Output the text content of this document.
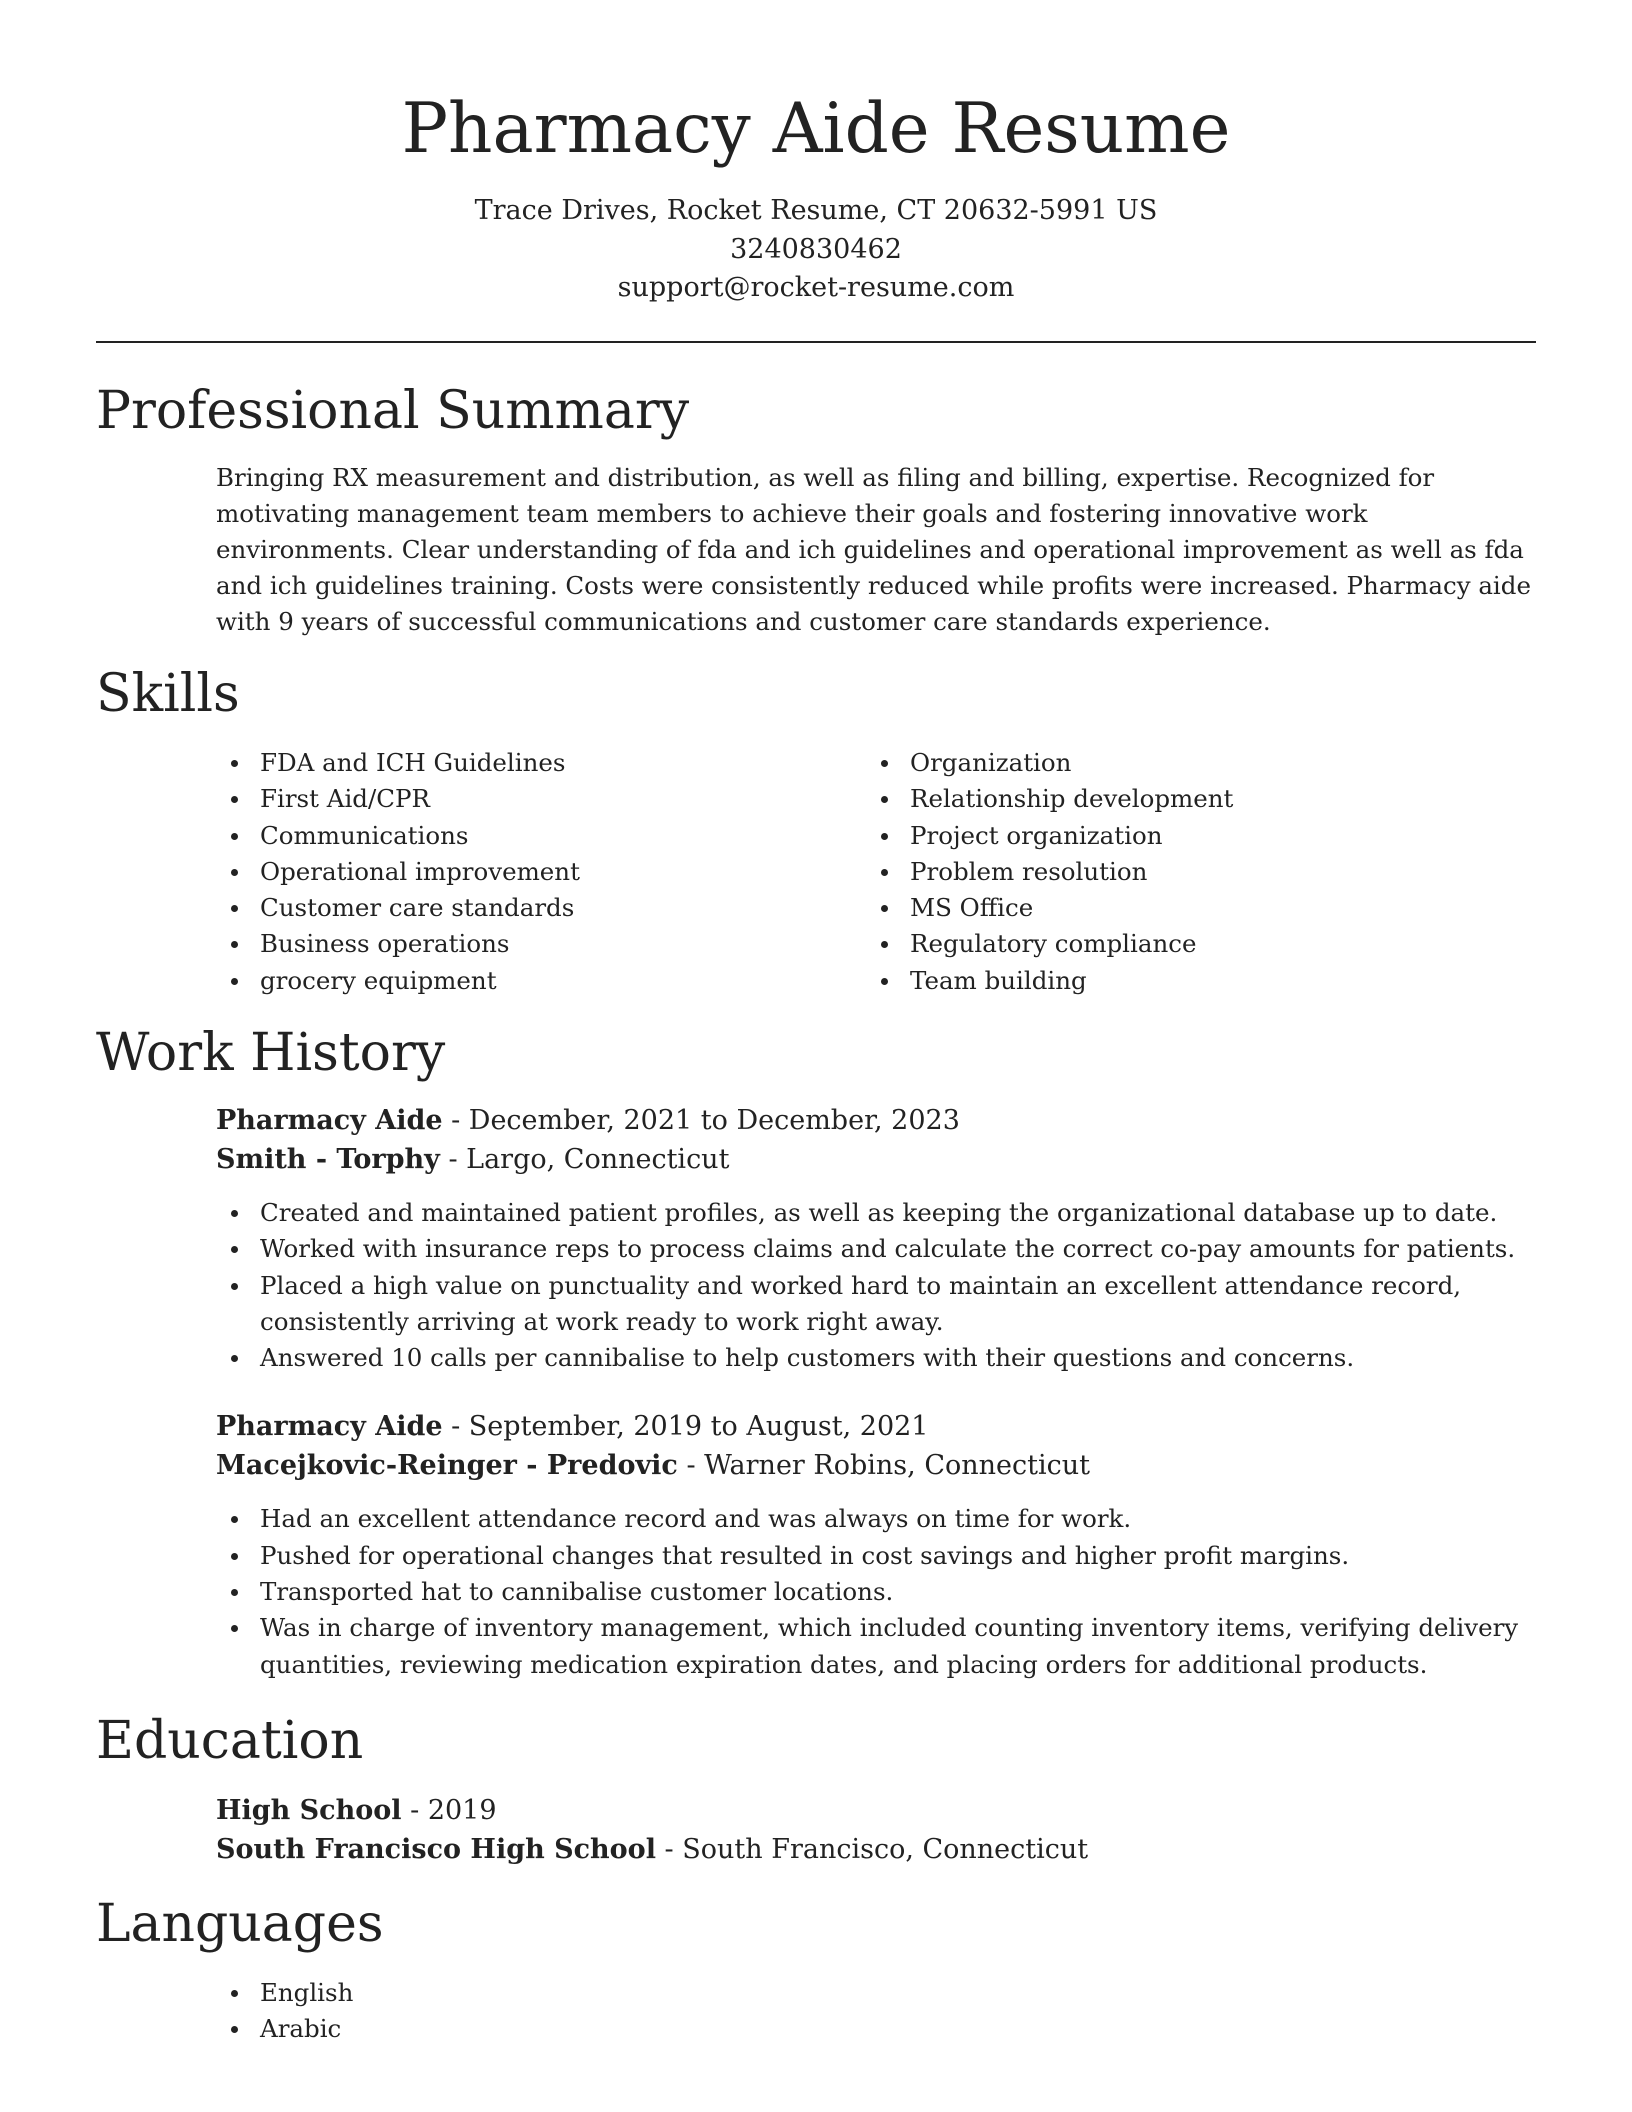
Pharmacy Aide Resume
Trace Drives, Rocket Resume, CT 20632-5991 US
3240830462
support@rocket-resume.com
Professional Summary
Bringing RX measurement and distribution, as well as filing and billing, expertise. Recognized for motivating management team members to achieve their goals and fostering innovative work environments. Clear understanding of fda and ich guidelines and operational improvement as well as fda and ich guidelines training. Costs were consistently reduced while profits were increased. Pharmacy aide with 9 years of successful communications and customer care standards experience.
Skills
FDA and ICH Guidelines
First Aid/CPR
Communications
Operational improvement
Customer care standards
Business operations
grocery equipment
Organization
Relationship development
Project organization
Problem resolution
MS Office
Regulatory compliance
Team building
Work History
Pharmacy Aide - December, 2021 to December, 2023
Smith - Torphy - Largo, Connecticut
Created and maintained patient profiles, as well as keeping the organizational database up to date.
Worked with insurance reps to process claims and calculate the correct co-pay amounts for patients.
Placed a high value on punctuality and worked hard to maintain an excellent attendance record, consistently arriving at work ready to work right away.
Answered 10 calls per cannibalise to help customers with their questions and concerns.
Pharmacy Aide - September, 2019 to August, 2021
Macejkovic-Reinger - Predovic - Warner Robins, Connecticut
Had an excellent attendance record and was always on time for work.
Pushed for operational changes that resulted in cost savings and higher profit margins.
Transported hat to cannibalise customer locations.
Was in charge of inventory management, which included counting inventory items, verifying delivery quantities, reviewing medication expiration dates, and placing orders for additional products.
Education
High School - 2019
South Francisco High School - South Francisco, Connecticut
Languages
English
Arabic
